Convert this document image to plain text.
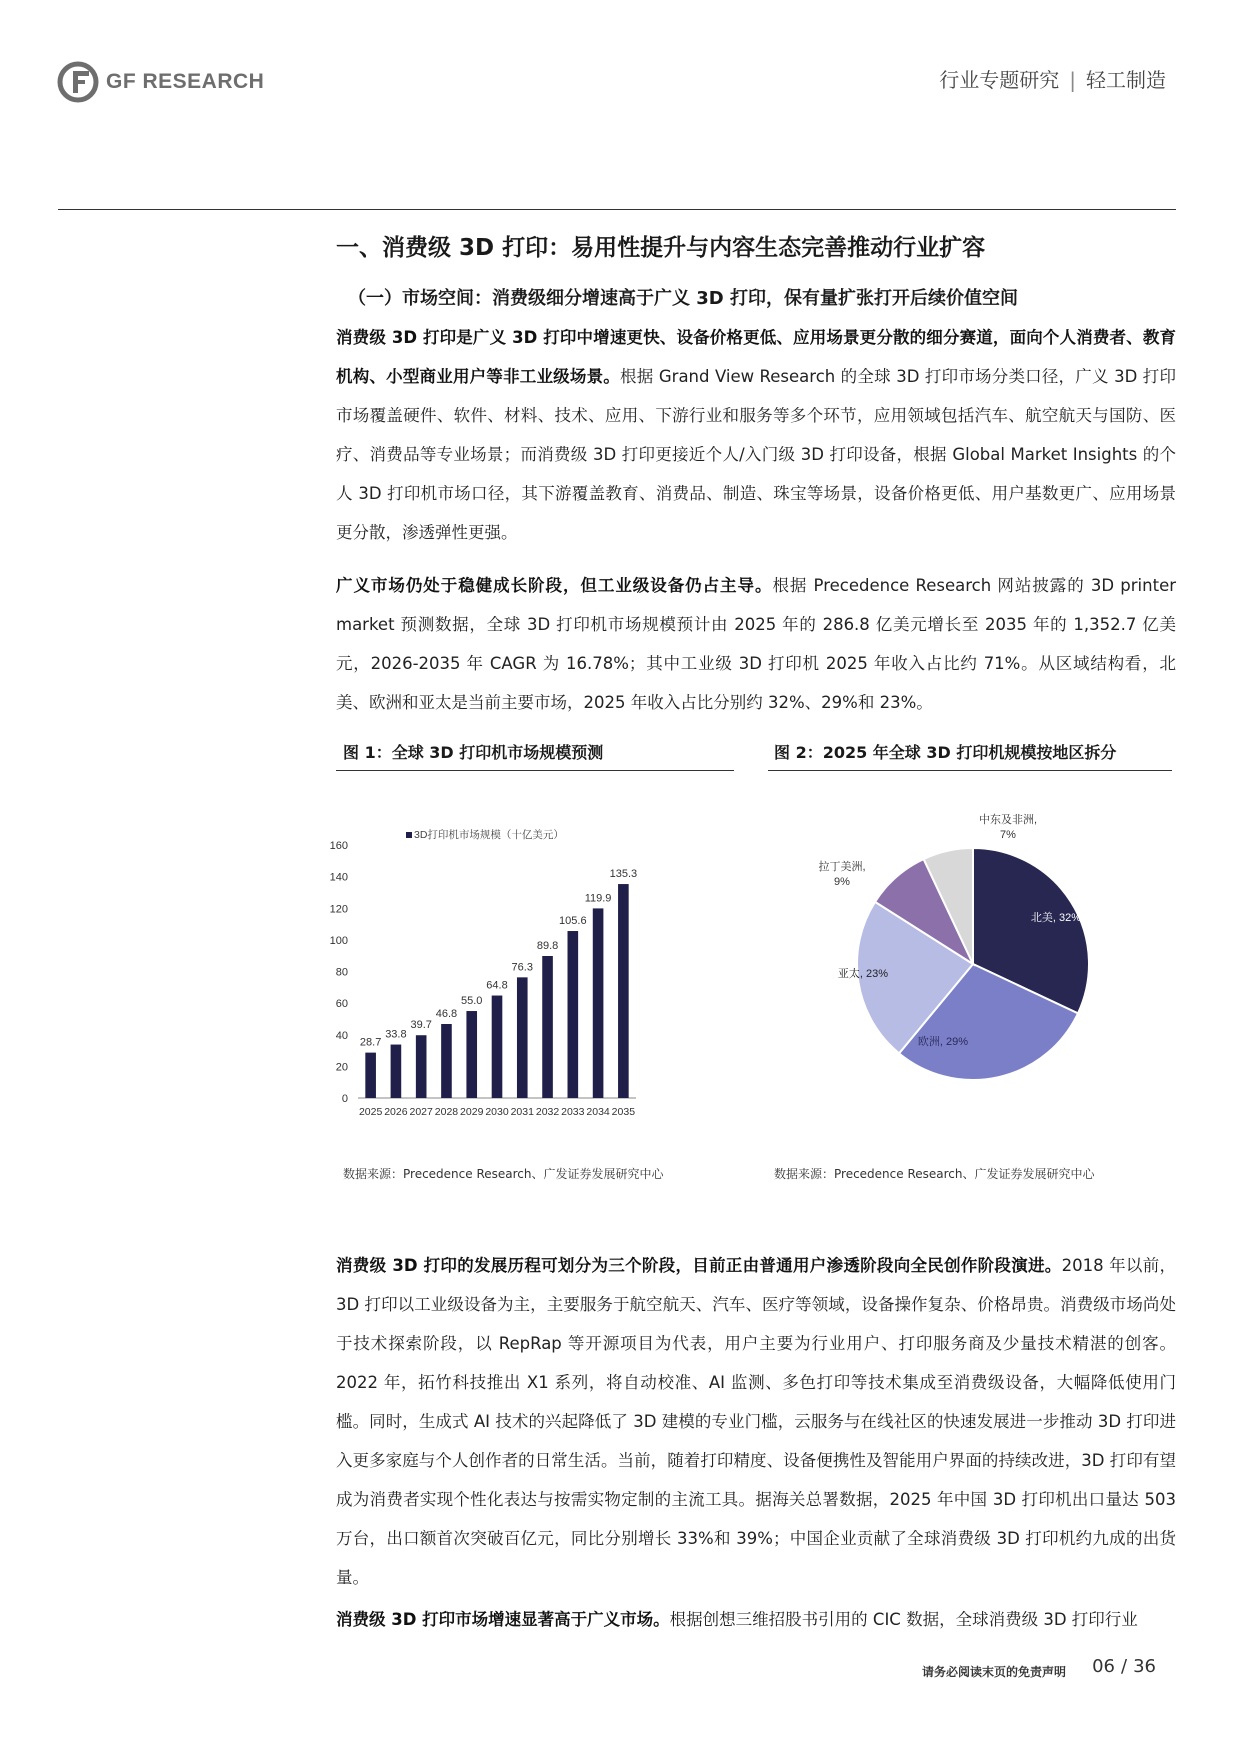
GF RESEARCH	行业专题研究 | 轻工制造
一、消费级 3D 打印：易用性提升与内容生态完善推动行业扩容
（一）市场空间：消费级细分增速高于广义 3D 打印，保有量扩张打开后续价值空间
消费级 3D 打印是广义 3D 打印中增速更快、设备价格更低、应用场景更分散的细分赛道，面向个人消费者、教育机构、小型商业用户等非工业级场景。根据 Grand View Research 的全球 3D 打印市场分类口径，广义 3D 打印市场覆盖硬件、软件、材料、技术、应用、下游行业和服务等多个环节，应用领域包括汽车、航空航天与国防、医疗、消费品等专业场景；而消费级 3D 打印更接近个人/入门级 3D 打印设备，根据 Global Market Insights 的个人 3D 打印机市场口径，其下游覆盖教育、消费品、制造、珠宝等场景，设备价格更低、用户基数更广、应用场景更分散，渗透弹性更强。
广义市场仍处于稳健成长阶段，但工业级设备仍占主导。根据 Precedence Research 网站披露的 3D printer market 预测数据，全球 3D 打印机市场规模预计由 2025 年的 286.8 亿美元增长至 2035 年的 1,352.7 亿美元，2026-2035 年 CAGR 为 16.78%；其中工业级 3D 打印机 2025 年收入占比约 71%。从区域结构看，北美、欧洲和亚太是当前主要市场，2025 年收入占比分别约 32%、29%和 23%。
图 1：全球 3D 打印机市场规模预测	图 2：2025 年全球 3D 打印机规模按地区拆分
0
20
40
60
80
100
120
140
160
3D打印机市场规模（十亿美元）
28.7
2025
33.8
2026
39.7
2027
46.8
2028
55.0
2029
64.8
2030
76.3
2031
89.8
2032
105.6
2033
119.9
2034
135.3
2035
北美, 32%
欧洲, 29%
亚太, 23%
拉丁美洲, 9%
中东及非洲, 7%
数据来源：Precedence Research、广发证券发展研究中心	数据来源：Precedence Research、广发证券发展研究中心
消费级 3D 打印的发展历程可划分为三个阶段，目前正由普通用户渗透阶段向全民创作阶段演进。2018 年以前，3D 打印以工业级设备为主，主要服务于航空航天、汽车、医疗等领域，设备操作复杂、价格昂贵。消费级市场尚处于技术探索阶段，以 RepRap 等开源项目为代表，用户主要为行业用户、打印服务商及少量技术精湛的创客。2022 年，拓竹科技推出 X1 系列，将自动校准、AI 监测、多色打印等技术集成至消费级设备，大幅降低使用门槛。同时，生成式 AI 技术的兴起降低了 3D 建模的专业门槛，云服务与在线社区的快速发展进一步推动 3D 打印进入更多家庭与个人创作者的日常生活。当前，随着打印精度、设备便携性及智能用户界面的持续改进，3D 打印有望成为消费者实现个性化表达与按需实物定制的主流工具。据海关总署数据，2025 年中国 3D 打印机出口量达 503 万台，出口额首次突破百亿元，同比分别增长 33%和 39%；中国企业贡献了全球消费级 3D 打印机约九成的出货量。
消费级 3D 打印市场增速显著高于广义市场。根据创想三维招股书引用的 CIC 数据，全球消费级 3D 打印行业
请务必阅读末页的免责声明 06 / 36
